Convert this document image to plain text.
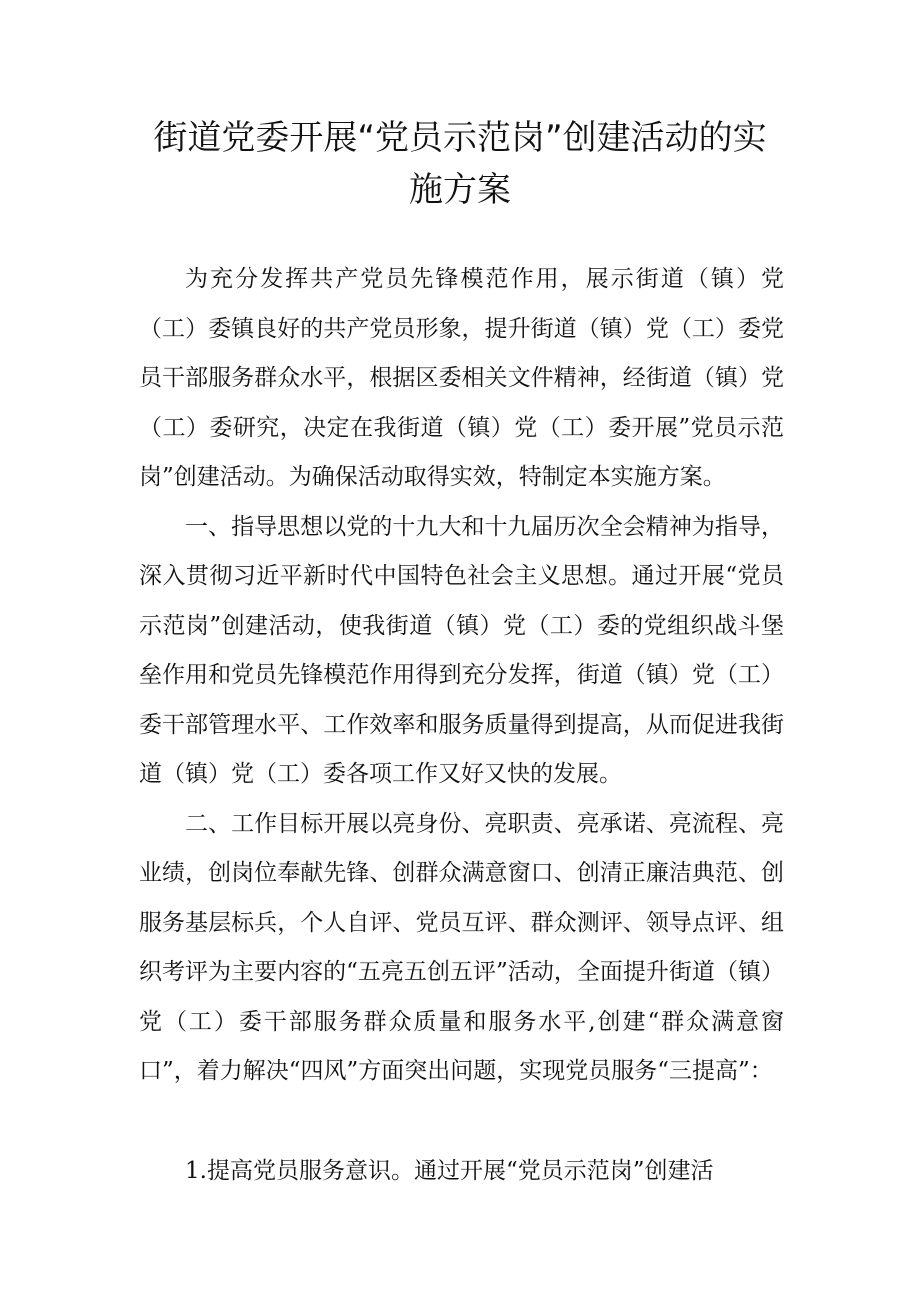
街道党委开展“党员示范岗”创建活动的实
施方案

为充分发挥共产党员先锋模范作用，展示街道（镇）党（工）委镇良好的共产党员形象，提升街道（镇）党（工）委党员干部服务群众水平，根据区委相关文件精神，经街道（镇）党（工）委研究，决定在我街道（镇）党（工）委开展”党员示范岗”创建活动。为确保活动取得实效，特制定本实施方案。

一、指导思想以党的十九大和十九届历次全会精神为指导，深入贯彻习近平新时代中国特色社会主义思想。通过开展“党员示范岗”创建活动，使我街道（镇）党（工）委的党组织战斗堡垒作用和党员先锋模范作用得到充分发挥，街道（镇）党（工）委干部管理水平、工作效率和服务质量得到提高，从而促进我街道（镇）党（工）委各项工作又好又快的发展。

二、工作目标开展以亮身份、亮职责、亮承诺、亮流程、亮业绩，创岗位奉献先锋、创群众满意窗口、创清正廉洁典范、创服务基层标兵，个人自评、党员互评、群众测评、领导点评、组织考评为主要内容的“五亮五创五评”活动，全面提升街道（镇）党（工）委干部服务群众质量和服务水平,创建“群众满意窗口”，着力解决“四风”方面突出问题，实现党员服务“三提高”：

1.提高党员服务意识。通过开展“党员示范岗”创建活
